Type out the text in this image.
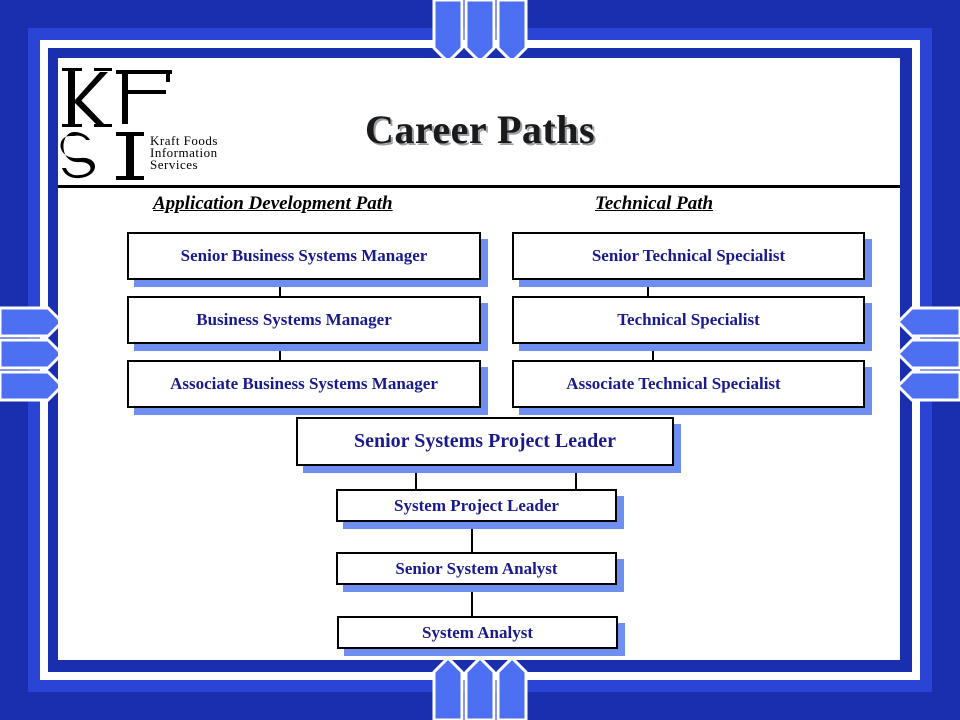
Kraft Foods
Information
Services
Career Paths
Application Development Path	Technical Path
Senior Business Systems Manager
Business Systems Manager
Associate Business Systems Manager
Senior Technical Specialist
Technical Specialist
Associate Technical Specialist
Senior Systems Project Leader
System Project Leader
Senior System Analyst
System Analyst
